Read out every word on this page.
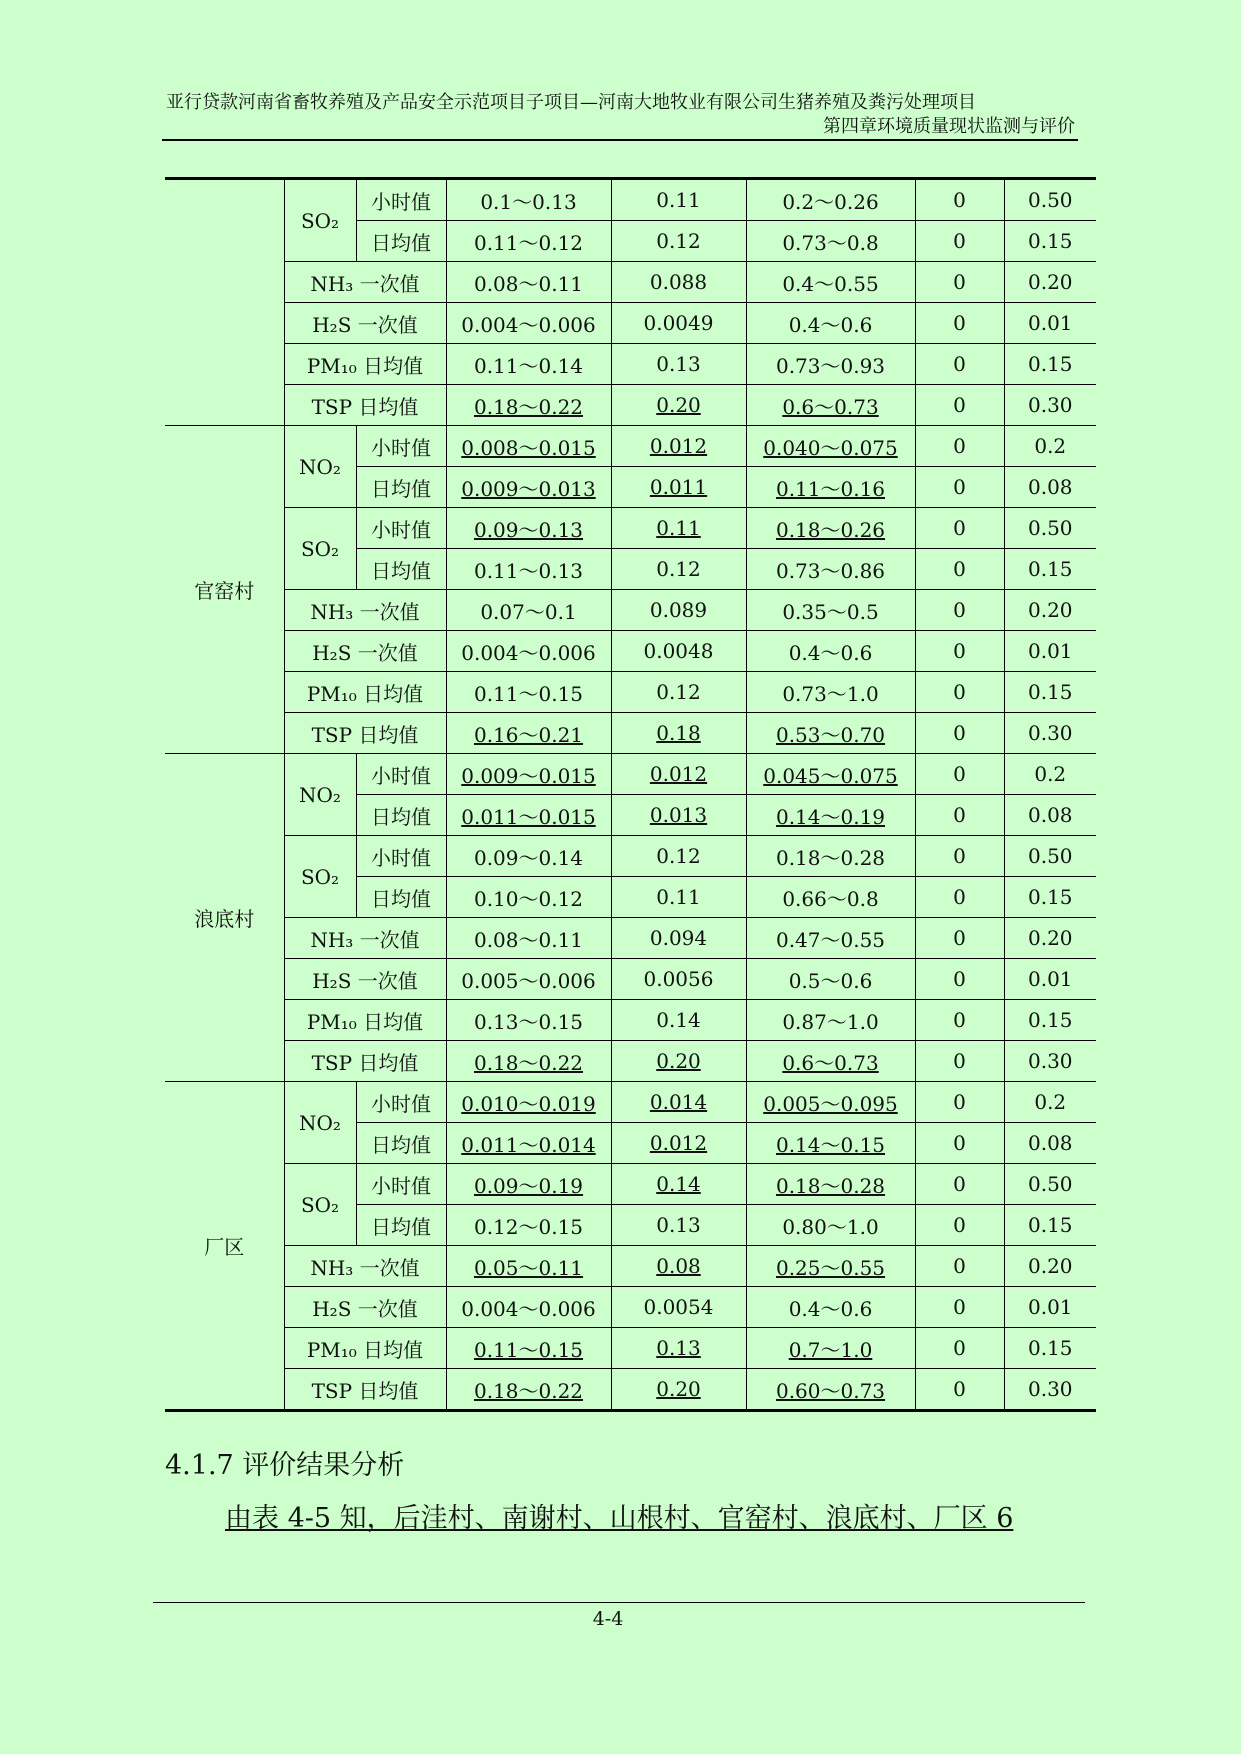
亚行贷款河南省畜牧养殖及产品安全示范项目子项目—河南大地牧业有限公司生猪养殖及粪污处理项目
第四章环境质量现状监测与评价
	SO₂	小时值	0.1～0.13	0.11	0.2～0.26	0	0.50
		日均值	0.11～0.12	0.12	0.73～0.8	0	0.15
	NH₃ 一次值		0.08～0.11	0.088	0.4～0.55	0	0.20
	H₂S 一次值		0.004～0.006	0.0049	0.4～0.6	0	0.01
	PM₁₀ 日均值		0.11～0.14	0.13	0.73～0.93	0	0.15
	TSP 日均值		0.18～0.22	0.20	0.6～0.73	0	0.30
官窑村	NO₂	小时值	0.008～0.015	0.012	0.040～0.075	0	0.2
		日均值	0.009～0.013	0.011	0.11～0.16	0	0.08
	SO₂	小时值	0.09～0.13	0.11	0.18～0.26	0	0.50
		日均值	0.11～0.13	0.12	0.73～0.86	0	0.15
	NH₃ 一次值		0.07～0.1	0.089	0.35～0.5	0	0.20
	H₂S 一次值		0.004～0.006	0.0048	0.4～0.6	0	0.01
	PM₁₀ 日均值		0.11～0.15	0.12	0.73～1.0	0	0.15
	TSP 日均值		0.16～0.21	0.18	0.53～0.70	0	0.30
浪底村	NO₂	小时值	0.009～0.015	0.012	0.045～0.075	0	0.2
		日均值	0.011～0.015	0.013	0.14～0.19	0	0.08
	SO₂	小时值	0.09～0.14	0.12	0.18～0.28	0	0.50
		日均值	0.10～0.12	0.11	0.66～0.8	0	0.15
	NH₃ 一次值		0.08～0.11	0.094	0.47～0.55	0	0.20
	H₂S 一次值		0.005～0.006	0.0056	0.5～0.6	0	0.01
	PM₁₀ 日均值		0.13～0.15	0.14	0.87～1.0	0	0.15
	TSP 日均值		0.18～0.22	0.20	0.6～0.73	0	0.30
厂区	NO₂	小时值	0.010～0.019	0.014	0.005～0.095	0	0.2
		日均值	0.011～0.014	0.012	0.14～0.15	0	0.08
	SO₂	小时值	0.09～0.19	0.14	0.18～0.28	0	0.50
		日均值	0.12～0.15	0.13	0.80～1.0	0	0.15
	NH₃ 一次值		0.05～0.11	0.08	0.25～0.55	0	0.20
	H₂S 一次值		0.004～0.006	0.0054	0.4～0.6	0	0.01
	PM₁₀ 日均值		0.11～0.15	0.13	0.7～1.0	0	0.15
	TSP 日均值		0.18～0.22	0.20	0.60～0.73	0	0.30
4.1.7 评价结果分析
由表 4-5 知，后洼村、南谢村、山根村、官窑村、浪底村、厂区 6
4-4
